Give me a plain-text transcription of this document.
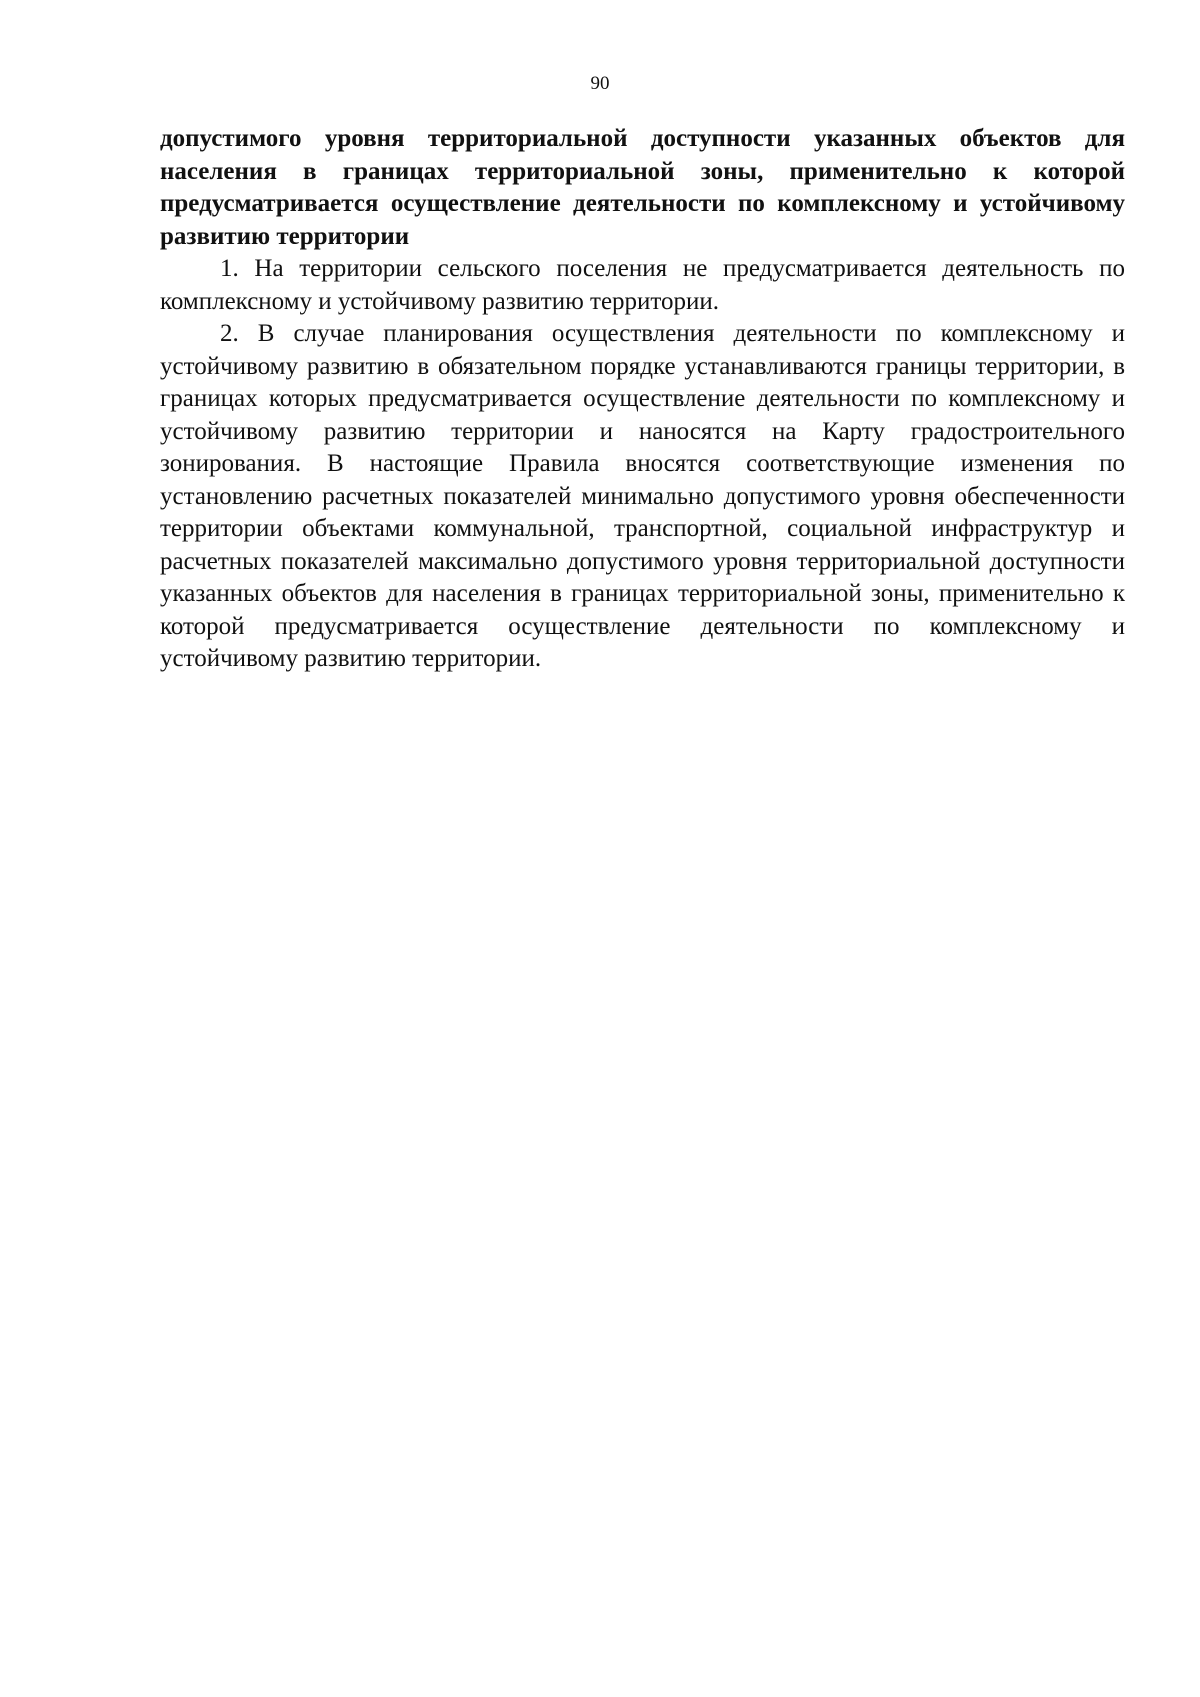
90

допустимого уровня территориальной доступности указанных объектов для населения в границах территориальной зоны, применительно к которой предусматривается осуществление деятельности по комплексному и устойчивому развитию территории

1. На территории сельского поселения не предусматривается деятельность по комплексному и устойчивому развитию территории.

2. В случае планирования осуществления деятельности по комплексному и устойчивому развитию в обязательном порядке устанавливаются границы территории, в границах которых предусматривается осуществление деятельности по комплексному и устойчивому развитию территории и наносятся на Карту градостроительного зонирования. В настоящие Правила вносятся соответствующие изменения по установлению расчетных показателей минимально допустимого уровня обеспеченности территории объектами коммунальной, транспортной, социальной инфраструктур и расчетных показателей максимально допустимого уровня территориальной доступности указанных объектов для населения в границах территориальной зоны, применительно к которой предусматривается осуществление деятельности по комплексному и устойчивому развитию территории.
